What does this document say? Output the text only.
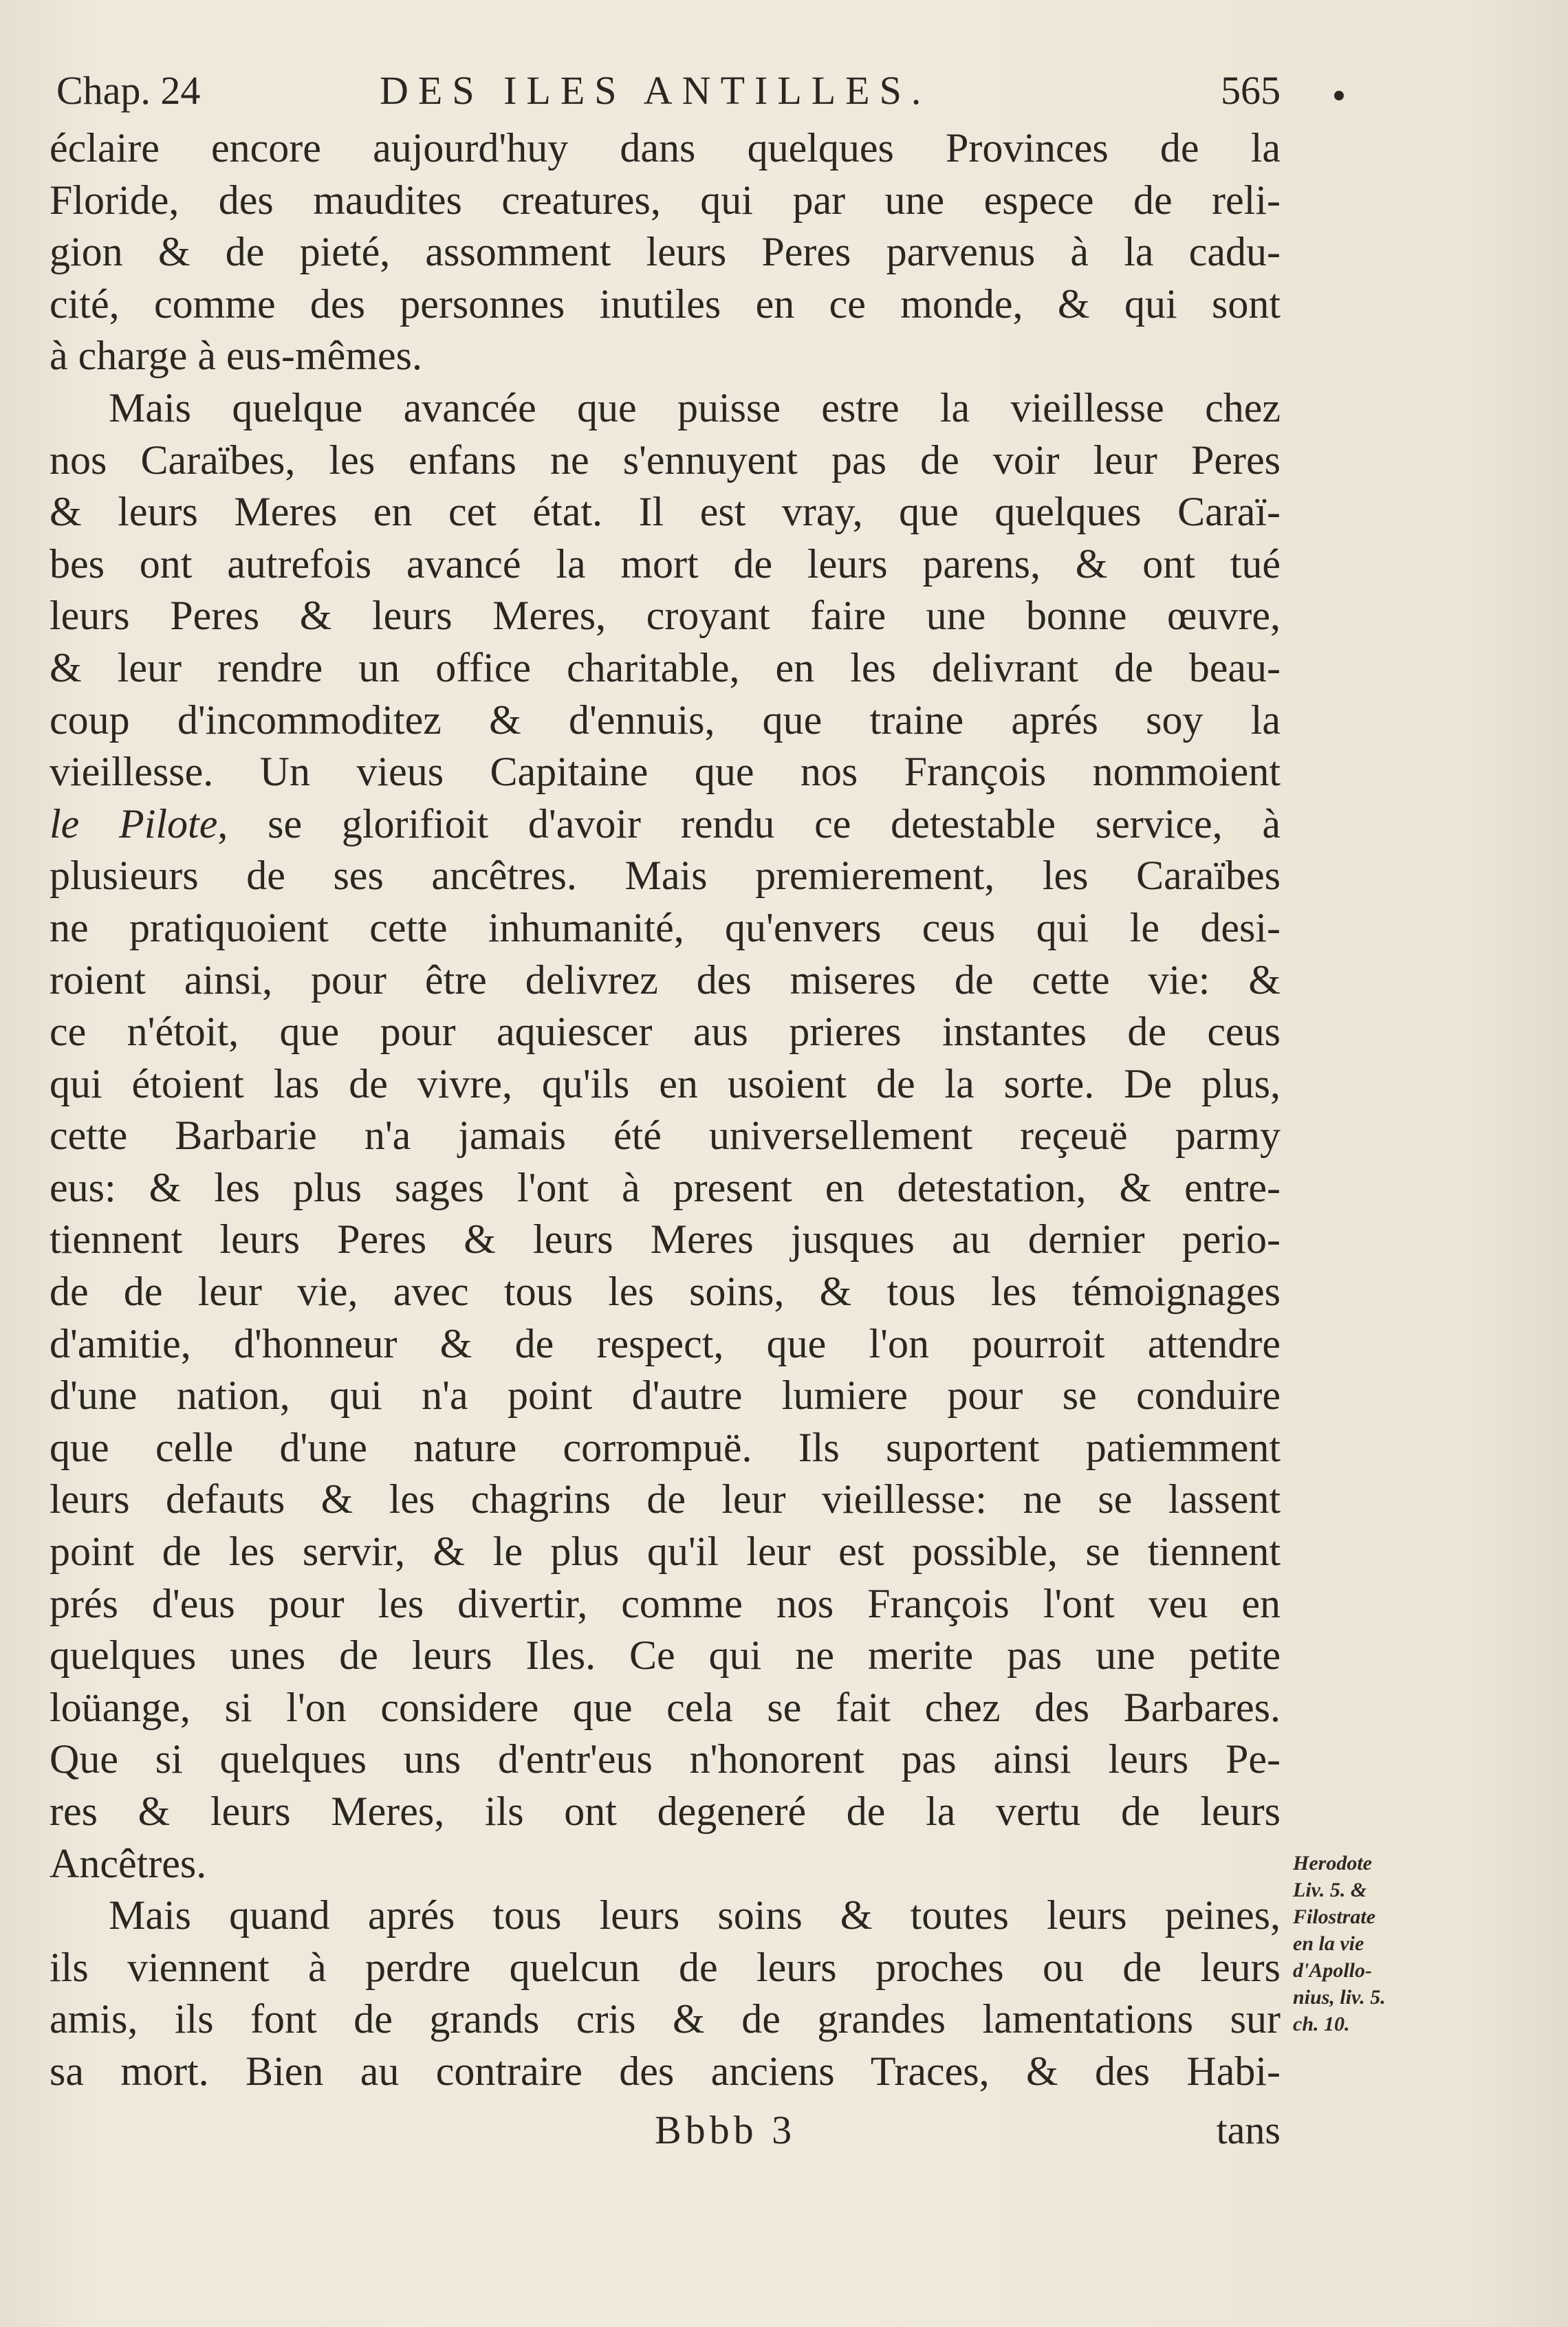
Chap. 24	DES ILES ANTILLES.	565
éclaire encore aujourd'huy dans quelques Provinces de la
Floride, des maudites creatures, qui par une espece de reli-
gion & de pieté, assomment leurs Peres parvenus à la cadu-
cité, comme des personnes inutiles en ce monde, & qui sont
à charge à eus-mêmes.
Mais quelque avancée que puisse estre la vieillesse chez
nos Caraïbes, les enfans ne s'ennuyent pas de voir leur Peres
& leurs Meres en cet état. Il est vray, que quelques Caraï-
bes ont autrefois avancé la mort de leurs parens, & ont tué
leurs Peres & leurs Meres, croyant faire une bonne œuvre,
& leur rendre un office charitable, en les delivrant de beau-
coup d'incommoditez & d'ennuis, que traine aprés soy la
vieillesse. Un vieus Capitaine que nos François nommoient
le Pilote, se glorifioit d'avoir rendu ce detestable service, à
plusieurs de ses ancêtres. Mais premierement, les Caraïbes
ne pratiquoient cette inhumanité, qu'envers ceus qui le desi-
roient ainsi, pour être delivrez des miseres de cette vie: &
ce n'étoit, que pour aquiescer aus prieres instantes de ceus
qui étoient las de vivre, qu'ils en usoient de la sorte. De plus,
cette Barbarie n'a jamais été universellement reçeuë parmy
eus: & les plus sages l'ont à present en detestation, & entre-
tiennent leurs Peres & leurs Meres jusques au dernier perio-
de de leur vie, avec tous les soins, & tous les témoignages
d'amitie, d'honneur & de respect, que l'on pourroit attendre
d'une nation, qui n'a point d'autre lumiere pour se conduire
que celle d'une nature corrompuë. Ils suportent patiemment
leurs defauts & les chagrins de leur vieillesse: ne se lassent
point de les servir, & le plus qu'il leur est possible, se tiennent
prés d'eus pour les divertir, comme nos François l'ont veu en
quelques unes de leurs Iles. Ce qui ne merite pas une petite
loüange, si l'on considere que cela se fait chez des Barbares.
Que si quelques uns d'entr'eus n'honorent pas ainsi leurs Pe-
res & leurs Meres, ils ont degeneré de la vertu de leurs
Ancêtres.
Mais quand aprés tous leurs soins & toutes leurs peines,
ils viennent à perdre quelcun de leurs proches ou de leurs
amis, ils font de grands cris & de grandes lamentations sur
sa mort. Bien au contraire des anciens Traces, & des Habi-
Herodote
Liv. 5. &
Filostrate
en la vie
d'Apollo-
nius, liv. 5.
ch. 10.
Bbbb 3	tans
